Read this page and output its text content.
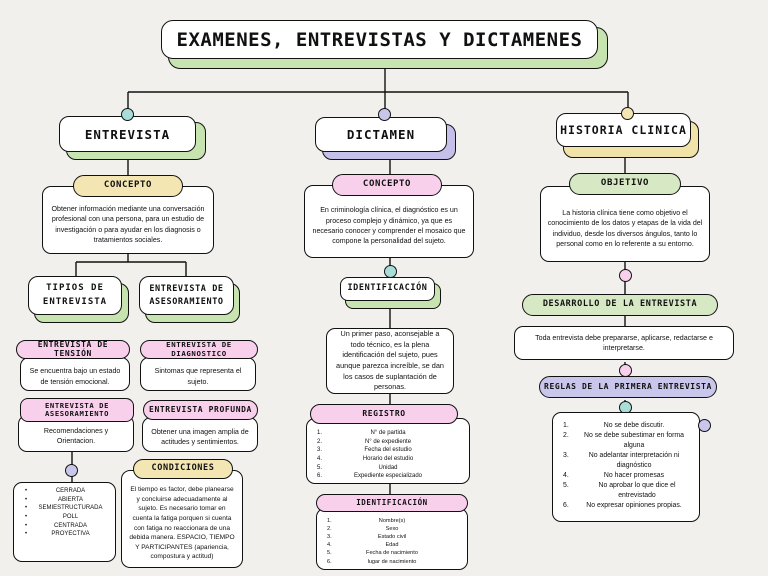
EXAMENES, ENTREVISTAS Y DICTAMENES
ENTREVISTA
Obtener información mediante una conversación profesional con una persona, para un estudio de investigación o para ayudar en los diagnosis o tratamientos sociales.
CONCEPTO
TIPIOS DE ENTREVISTA
ENTREVISTA DE ASESORAMIENTO
Se encuentra bajo un estado de tensión emocional.
ENTREVISTA DE TENSIÓN
Sintomas que representa el sujeto.
ENTREVISTA DE DIAGNOSTICO
Recomendaciones y Orientacion.
ENTREVISTA DE ASESORAMIENTO
Obtener una imagen amplia de actitudes y sentimientos.
ENTREVISTA PROFUNDA
•	CERRADA
•	ABIERTA
•	SEMIESTRUCTURADA
•	POLL
•	CENTRADA
•	PROYECTIVA
El tiempo es factor, debe planearse y concluirse adecuadamente al sujeto. Es necesario tomar en cuenta la fatiga porquen si cuenta con fatiga no reaccionara de una debida manera. ESPACIO, TIEMPO Y PARTICIPANTES (apariencia, compostura y actitud)
CONDICIONES
DICTAMEN
En criminología clínica, el diagnóstico es un proceso complejo y dinámico, ya que es necesario conocer y comprender el mosaico que compone la personalidad del sujeto.
CONCEPTO
IDENTIFICACIÓN
Un primer paso, aconsejable a todo técnico, es la plena identificación del sujeto, pues aunque parezca increíble, se dan los casos de suplantación de personas.
1.	N° de partida
2.	N° de expediente
3.	Fecha del estudio
4.	Horario del estudio
5.	Unidad
6.	Expediente especializado
REGISTRO
1.	Nombre(s)
2.	Sexo
3.	Estado civil
4.	Edad
5.	Fecha de nacimiento
6.	lugar de nacimiento
IDENTIFICACIÓN
HISTORIA CLINICA
La historia clínica tiene como objetivo el conocimiento de los datos y etapas de la vida del individuo, desde los diversos ángulos, tanto lo personal como en lo referente a su entorno.
OBJETIVO
DESARROLLO DE LA ENTREVISTA
Toda entrevista debe prepararse, aplicarse, redactarse e interpretarse.
REGLAS DE LA PRIMERA ENTREVISTA
1.	No se debe discutir.
2.	No se debe subestimar en forma alguna
3.	No adelantar interpretación ni diagnóstico
4.	No hacer promesas
5.	No aprobar lo que dice el entrevistado
6.	No expresar opiniones propias.
